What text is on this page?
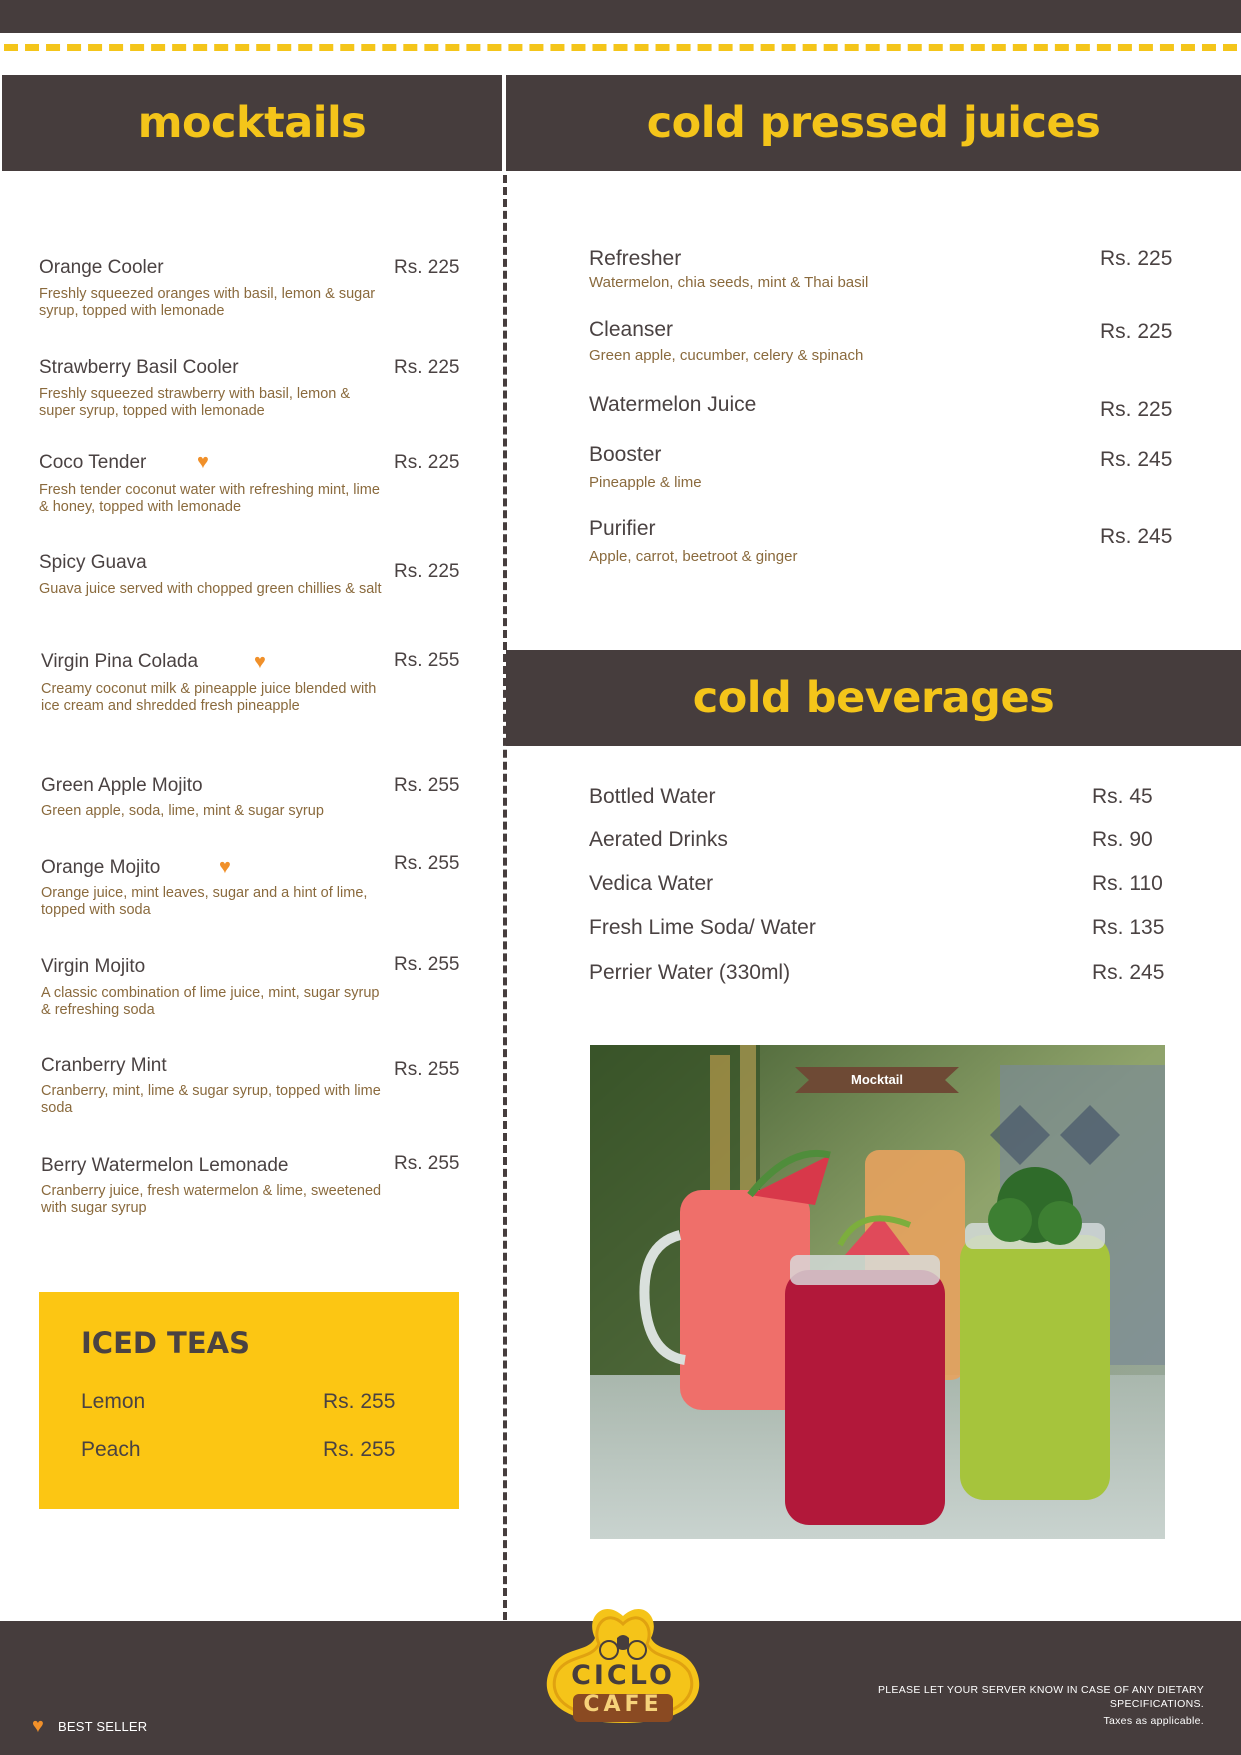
mocktails	cold pressed juices
cold beverages
Orange Cooler	Rs. 225
Freshly squeezed oranges with basil, lemon & sugar syrup, topped with lemonade
Strawberry Basil Cooler	Rs. 225
Freshly squeezed strawberry with basil, lemon & super syrup, topped with lemonade
Coco Tender	♥	Rs. 225
Fresh tender coconut water with refreshing mint, lime & honey, topped with lemonade
Spicy Guava	Rs. 225
Guava juice served with chopped green chillies & salt
Virgin Pina Colada	♥	Rs. 255
Creamy coconut milk & pineapple juice blended with ice cream and shredded fresh pineapple
Green Apple Mojito	Rs. 255
Green apple, soda, lime, mint & sugar syrup
Orange Mojito	♥	Rs. 255
Orange juice, mint leaves, sugar and a hint of lime, topped with soda
Virgin Mojito	Rs. 255
A classic combination of lime juice, mint, sugar syrup & refreshing soda
Cranberry Mint	Rs. 255
Cranberry, mint, lime & sugar syrup, topped with lime soda
Berry Watermelon Lemonade	Rs. 255
Cranberry juice, fresh watermelon & lime, sweetened with sugar syrup
ICED TEAS
Lemon	Rs. 255
Peach	Rs. 255
Refresher	Rs. 225
Watermelon, chia seeds, mint & Thai basil
Cleanser	Rs. 225
Green apple, cucumber, celery & spinach
Watermelon Juice	Rs. 225
Booster	Rs. 245
Pineapple & lime
Purifier	Rs. 245
Apple, carrot, beetroot & ginger
Bottled Water	Rs. 45
Aerated Drinks	Rs. 90
Vedica Water	Rs. 110
Fresh Lime Soda/ Water	Rs. 135
Perrier Water (330ml)	Rs. 245
Mocktail
♥	BEST SELLER
PLEASE LET YOUR SERVER KNOW IN CASE OF ANY DIETARY SPECIFICATIONS.
Taxes as applicable.
CICLO
CAFE
